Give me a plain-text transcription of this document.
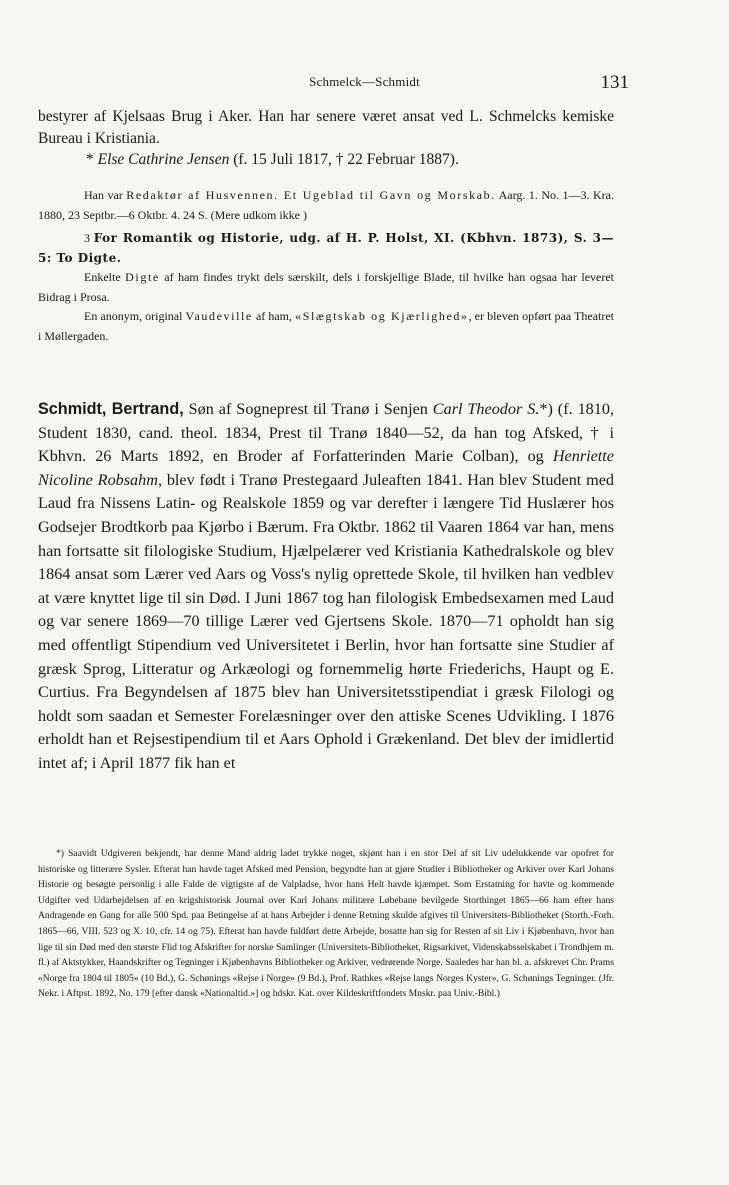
Schmelck—Schmidt	131

bestyrer af Kjelsaas Brug i Aker. Han har senere været ansat ved L. Schmelcks kemiske Bureau i Kristiania.

* Else Cathrine Jensen (f. 15 Juli 1817, † 22 Februar 1887).

Han var Redaktør af Husvennen. Et Ugeblad til Gavn og Morskab. Aarg. 1. No. 1—3. Kra. 1880, 23 Septbr.—6 Oktbr. 4. 24 S. (Mere udkom ikke )

3 For Romantik og Historie, udg. af H. P. Holst, XI. (Kbhvn. 1873), S. 3—5: To Digte.

Enkelte Digte af ham findes trykt dels særskilt, dels i forskjellige Blade, til hvilke han ogsaa har leveret Bidrag i Prosa.

En anonym, original Vaudeville af ham, «Slægtskab og Kjærlighed», er bleven opført paa Theatret i Møllergaden.

Schmidt, Bertrand, Søn af Sogneprest til Tranø i Senjen Carl Theodor S.*) (f. 1810, Student 1830, cand. theol. 1834, Prest til Tranø 1840—52, da han tog Afsked, † i Kbhvn. 26 Marts 1892, en Broder af Forfatterinden Marie Colban), og Henriette Nicoline Robsahm, blev født i Tranø Prestegaard Juleaften 1841. Han blev Student med Laud fra Nissens Latin- og Realskole 1859 og var derefter i længere Tid Huslærer hos Godsejer Brodtkorb paa Kjørbo i Bærum. Fra Oktbr. 1862 til Vaaren 1864 var han, mens han fortsatte sit filologiske Studium, Hjælpelærer ved Kristiania Kathedralskole og blev 1864 ansat som Lærer ved Aars og Voss's nylig oprettede Skole, til hvilken han vedblev at være knyttet lige til sin Død. I Juni 1867 tog han filologisk Embedsexamen med Laud og var senere 1869—70 tillige Lærer ved Gjertsens Skole. 1870—71 opholdt han sig med offentligt Stipendium ved Universitetet i Berlin, hvor han fortsatte sine Studier af græsk Sprog, Litteratur og Arkæologi og fornemmelig hørte Friederichs, Haupt og E. Curtius. Fra Begyndelsen af 1875 blev han Universitetsstipendiat i græsk Filologi og holdt som saadan et Semester Forelæsninger over den attiske Scenes Udvikling. I 1876 erholdt han et Rejsestipendium til et Aars Ophold i Grækenland. Det blev der imidlertid intet af; i April 1877 fik han et

*) Saavidt Udgiveren bekjendt, har denne Mand aldrig ladet trykke noget, skjønt han i en stor Del af sit Liv udelukkende var opofret for historiske og litterære Sysler. Efterat han havde taget Afsked med Pension, begyndte han at gjøre Studier i Bibliotheker og Arkiver over Karl Johans Historie og besøgte personlig i alle Falde de vigtigste af de Valpladse, hvor hans Helt havde kjæmpet. Som Erstatning for havte og kommende Udgifter ved Udarbejdelsen af en krigshistorisk Journal over Karl Johans militære Løbebane bevilgede Storthinget 1865—66 ham efter hans Andragende en Gang for alle 500 Spd. paa Betingelse af at hans Arbejder i denne Retning skulde afgives til Universitets-Bibliotheket (Storth.-Forh. 1865—66, VIII. 523 og X. 10, cfr. 14 og 75). Efterat han havde fuldført dette Arbejde, bosatte han sig for Resten af sit Liv i Kjøbenhavn, hvor han lige til sin Død med den største Flid tog Afskrifter for norske Samlinger (Universitets-Bibliotheket, Rigsarkivet, Videnskabsselskabet i Trondhjem m. fl.) af Aktstykker, Haandskrifter og Tegninger i Kjøbenhavns Bibliotheker og Arkiver, vedrørende Norge. Saaledes har han bl. a. afskrevet Chr. Prams «Norge fra 1804 til 1805» (10 Bd.), G. Schønings «Rejse i Norge» (9 Bd.), Prof. Rathkes «Rejse langs Norges Kyster», G. Schønings Tegninger. (Jfr. Nekr. i Aftpst. 1892, No. 179 [efter dansk «Nationaltid.»] og hdskr. Kat. over Kildeskriftfondets Mnskr. paa Univ.-Bibl.)
